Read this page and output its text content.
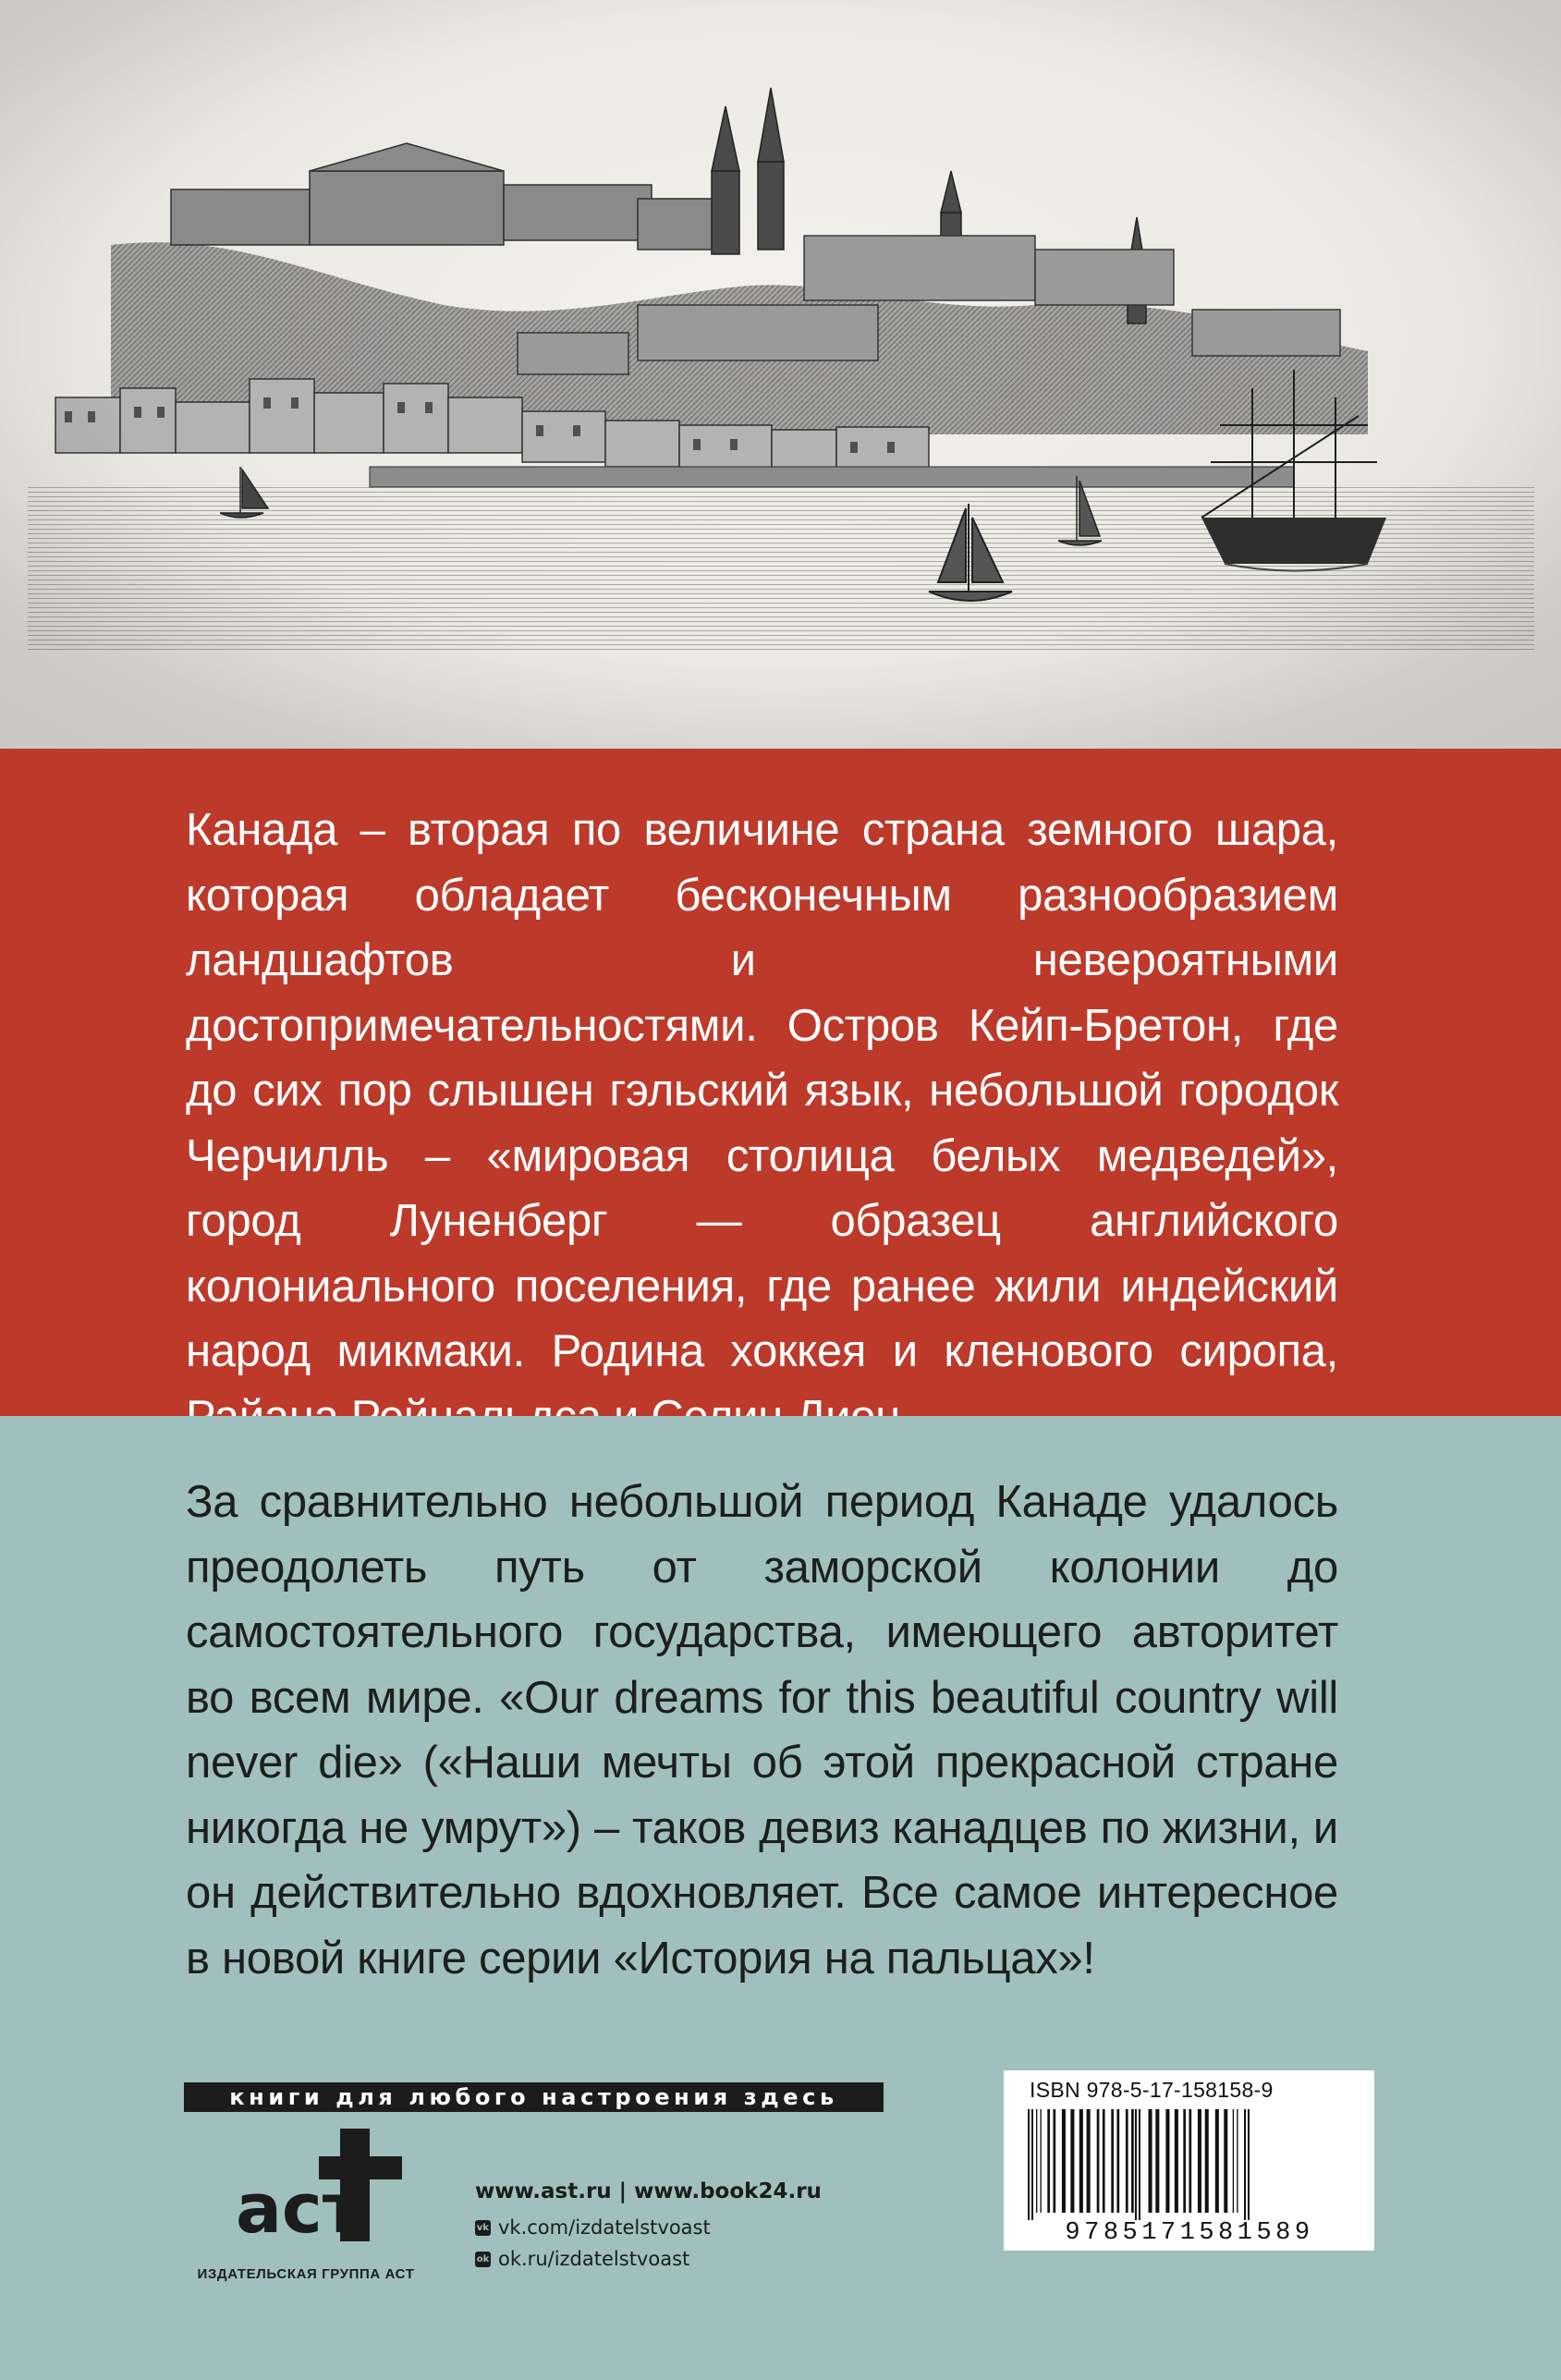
Канада – вторая по величине страна земного шара, которая обладает бесконечным разнообразием ландшафтов и невероятными достопримечательностями. Остров Кейп-Бретон, где до сих пор слышен гэльский язык, небольшой городок Черчилль – «мировая столица белых медведей», город Луненберг — образец английского колониального поселения, где ранее жили индейский народ микмаки. Родина хоккея и кленового сиропа,

За сравнительно небольшой период Канаде удалось преодолеть путь от заморской колонии до самостоятельного государства, имеющего авторитет во всем мире. «Our dreams for this beautiful country will never die» («Наши мечты об этой прекрасной стране никогда не умрут») – таков девиз канадцев по жизни, и он действительно вдохновляет. Все самое интересное в новой книге серии «История на пальцах»!

книги для любого настроения здесь
аст
ИЗДАТЕЛЬСКАЯ ГРУППА АСТ
www.ast.ru | www.book24.ru
vk vk.com/izdatelstvoast
ok ok.ru/izdatelstvoast
ISBN 978-5-17-158158-9
9785171581589
